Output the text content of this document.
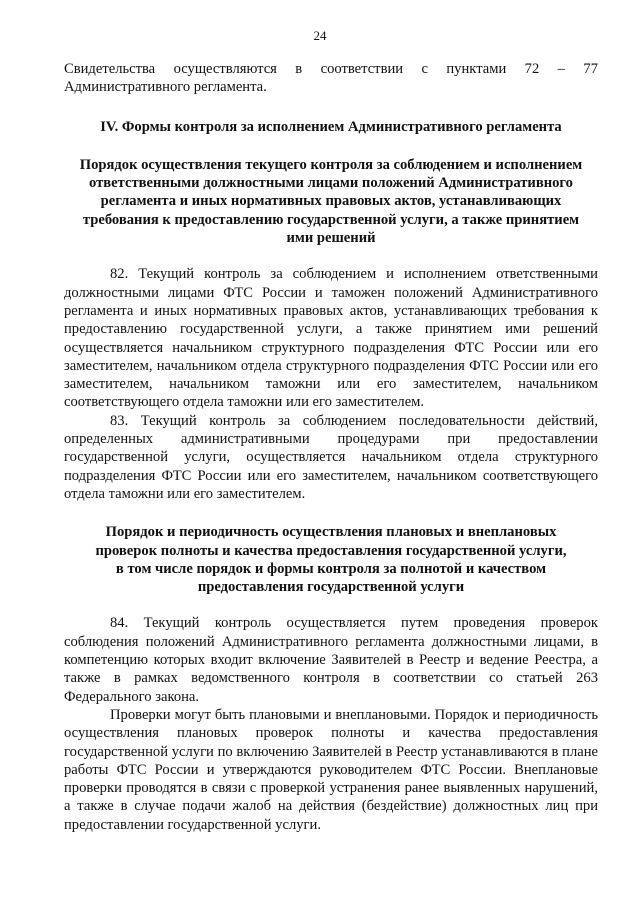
24

Свидетельства осуществляются в соответствии с пунктами 72 – 77 Административного регламента.

IV. Формы контроля за исполнением Административного регламента

Порядок осуществления текущего контроля за соблюдением и исполнением
ответственными должностными лицами положений Административного
регламента и иных нормативных правовых актов, устанавливающих
требования к предоставлению государственной услуги, а также принятием
ими решений

82. Текущий контроль за соблюдением и исполнением ответственными должностными лицами ФТС России и таможен положений Административного регламента и иных нормативных правовых актов, устанавливающих требования к предоставлению государственной услуги, а также принятием ими решений осуществляется начальником структурного подразделения ФТС России или его заместителем, начальником отдела структурного подразделения ФТС России или его заместителем, начальником таможни или его заместителем, начальником соответствующего отдела таможни или его заместителем.

83. Текущий контроль за соблюдением последовательности действий, определенных административными процедурами при предоставлении государственной услуги, осуществляется начальником отдела структурного подразделения ФТС России или его заместителем, начальником соответствующего отдела таможни или его заместителем.

Порядок и периодичность осуществления плановых и внеплановых
проверок полноты и качества предоставления государственной услуги,
в том числе порядок и формы контроля за полнотой и качеством
предоставления государственной услуги

84. Текущий контроль осуществляется путем проведения проверок соблюдения положений Административного регламента должностными лицами, в компетенцию которых входит включение Заявителей в Реестр и ведение Реестра, а также в рамках ведомственного контроля в соответствии со статьей 263 Федерального закона.

Проверки могут быть плановыми и внеплановыми. Порядок и периодичность осуществления плановых проверок полноты и качества предоставления государственной услуги по включению Заявителей в Реестр устанавливаются в плане работы ФТС России и утверждаются руководителем ФТС России. Внеплановые проверки проводятся в связи с проверкой устранения ранее выявленных нарушений, а также в случае подачи жалоб на действия (бездействие) должностных лиц при предоставлении государственной услуги.
